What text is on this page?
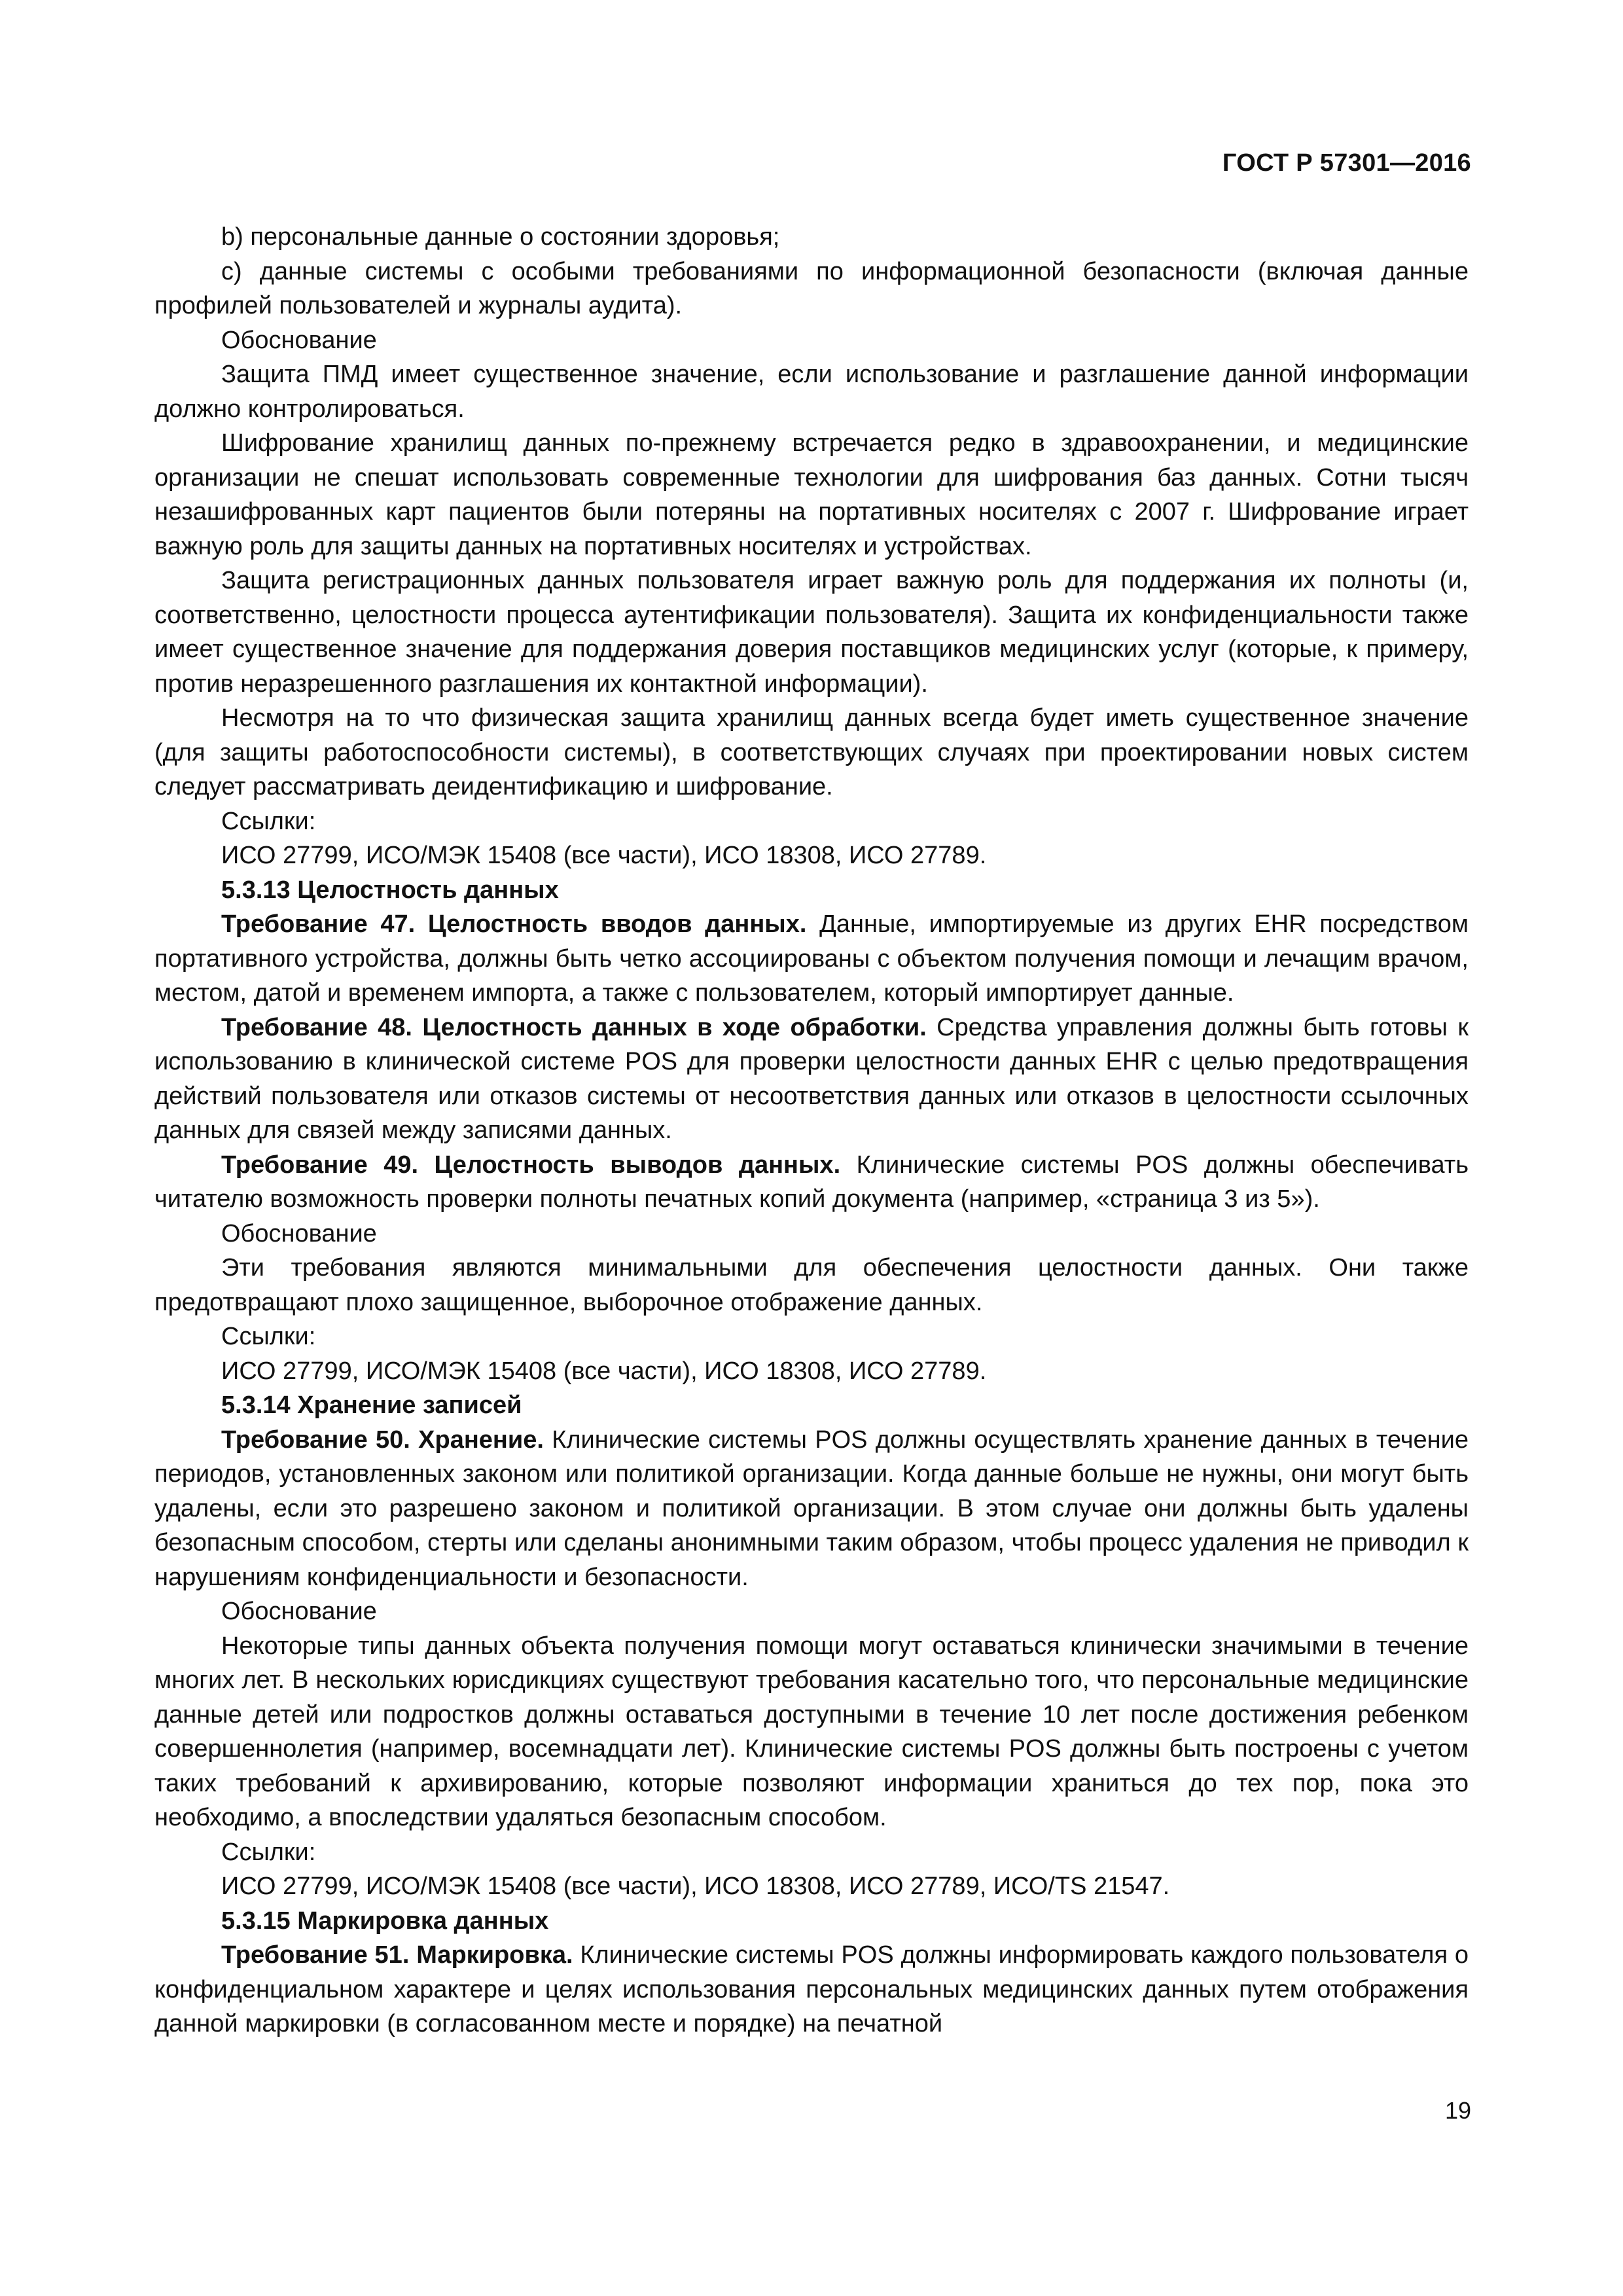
ГОСТ Р 57301—2016

b) персональные данные о состоянии здоровья;

c) данные системы с особыми требованиями по информационной безопасности (включая данные профилей пользователей и журналы аудита).

Обоснование

Защита ПМД имеет существенное значение, если использование и разглашение данной информации должно контролироваться.

Шифрование хранилищ данных по-прежнему встречается редко в здравоохранении, и медицинские организации не спешат использовать современные технологии для шифрования баз данных. Сотни тысяч незашифрованных карт пациентов были потеряны на портативных носителях с 2007 г. Шифрование играет важную роль для защиты данных на портативных носителях и устройствах.

Защита регистрационных данных пользователя играет важную роль для поддержания их полноты (и, соответственно, целостности процесса аутентификации пользователя). Защита их конфиденциальности также имеет существенное значение для поддержания доверия поставщиков медицинских услуг (которые, к примеру, против неразрешенного разглашения их контактной информации).

Несмотря на то что физическая защита хранилищ данных всегда будет иметь существенное значение (для защиты работоспособности системы), в соответствующих случаях при проектировании новых систем следует рассматривать деидентификацию и шифрование.

Ссылки:

ИСО 27799, ИСО/МЭК 15408 (все части), ИСО 18308, ИСО 27789.

5.3.13 Целостность данных

Требование 47. Целостность вводов данных. Данные, импортируемые из других EHR посредством портативного устройства, должны быть четко ассоциированы с объектом получения помощи и лечащим врачом, местом, датой и временем импорта, а также с пользователем, который импортирует данные.

Требование 48. Целостность данных в ходе обработки. Средства управления должны быть готовы к использованию в клинической системе POS для проверки целостности данных EHR с целью предотвращения действий пользователя или отказов системы от несоответствия данных или отказов в целостности ссылочных данных для связей между записями данных.

Требование 49. Целостность выводов данных. Клинические системы POS должны обеспечивать читателю возможность проверки полноты печатных копий документа (например, «страница 3 из 5»).

Обоснование

Эти требования являются минимальными для обеспечения целостности данных. Они также предотвращают плохо защищенное, выборочное отображение данных.

Ссылки:

ИСО 27799, ИСО/МЭК 15408 (все части), ИСО 18308, ИСО 27789.

5.3.14 Хранение записей

Требование 50. Хранение. Клинические системы POS должны осуществлять хранение данных в течение периодов, установленных законом или политикой организации. Когда данные больше не нужны, они могут быть удалены, если это разрешено законом и политикой организации. В этом случае они должны быть удалены безопасным способом, стерты или сделаны анонимными таким образом, чтобы процесс удаления не приводил к нарушениям конфиденциальности и безопасности.

Обоснование

Некоторые типы данных объекта получения помощи могут оставаться клинически значимыми в течение многих лет. В нескольких юрисдикциях существуют требования касательно того, что персональные медицинские данные детей или подростков должны оставаться доступными в течение 10 лет после достижения ребенком совершеннолетия (например, восемнадцати лет). Клинические системы POS должны быть построены с учетом таких требований к архивированию, которые позволяют информации храниться до тех пор, пока это необходимо, а впоследствии удаляться безопасным способом.

Ссылки:

ИСО 27799, ИСО/МЭК 15408 (все части), ИСО 18308, ИСО 27789, ИСО/TS 21547.

5.3.15 Маркировка данных

Требование 51. Маркировка. Клинические системы POS должны информировать каждого пользователя о конфиденциальном характере и целях использования персональных медицинских данных путем отображения данной маркировки (в согласованном месте и порядке) на печатной

19
